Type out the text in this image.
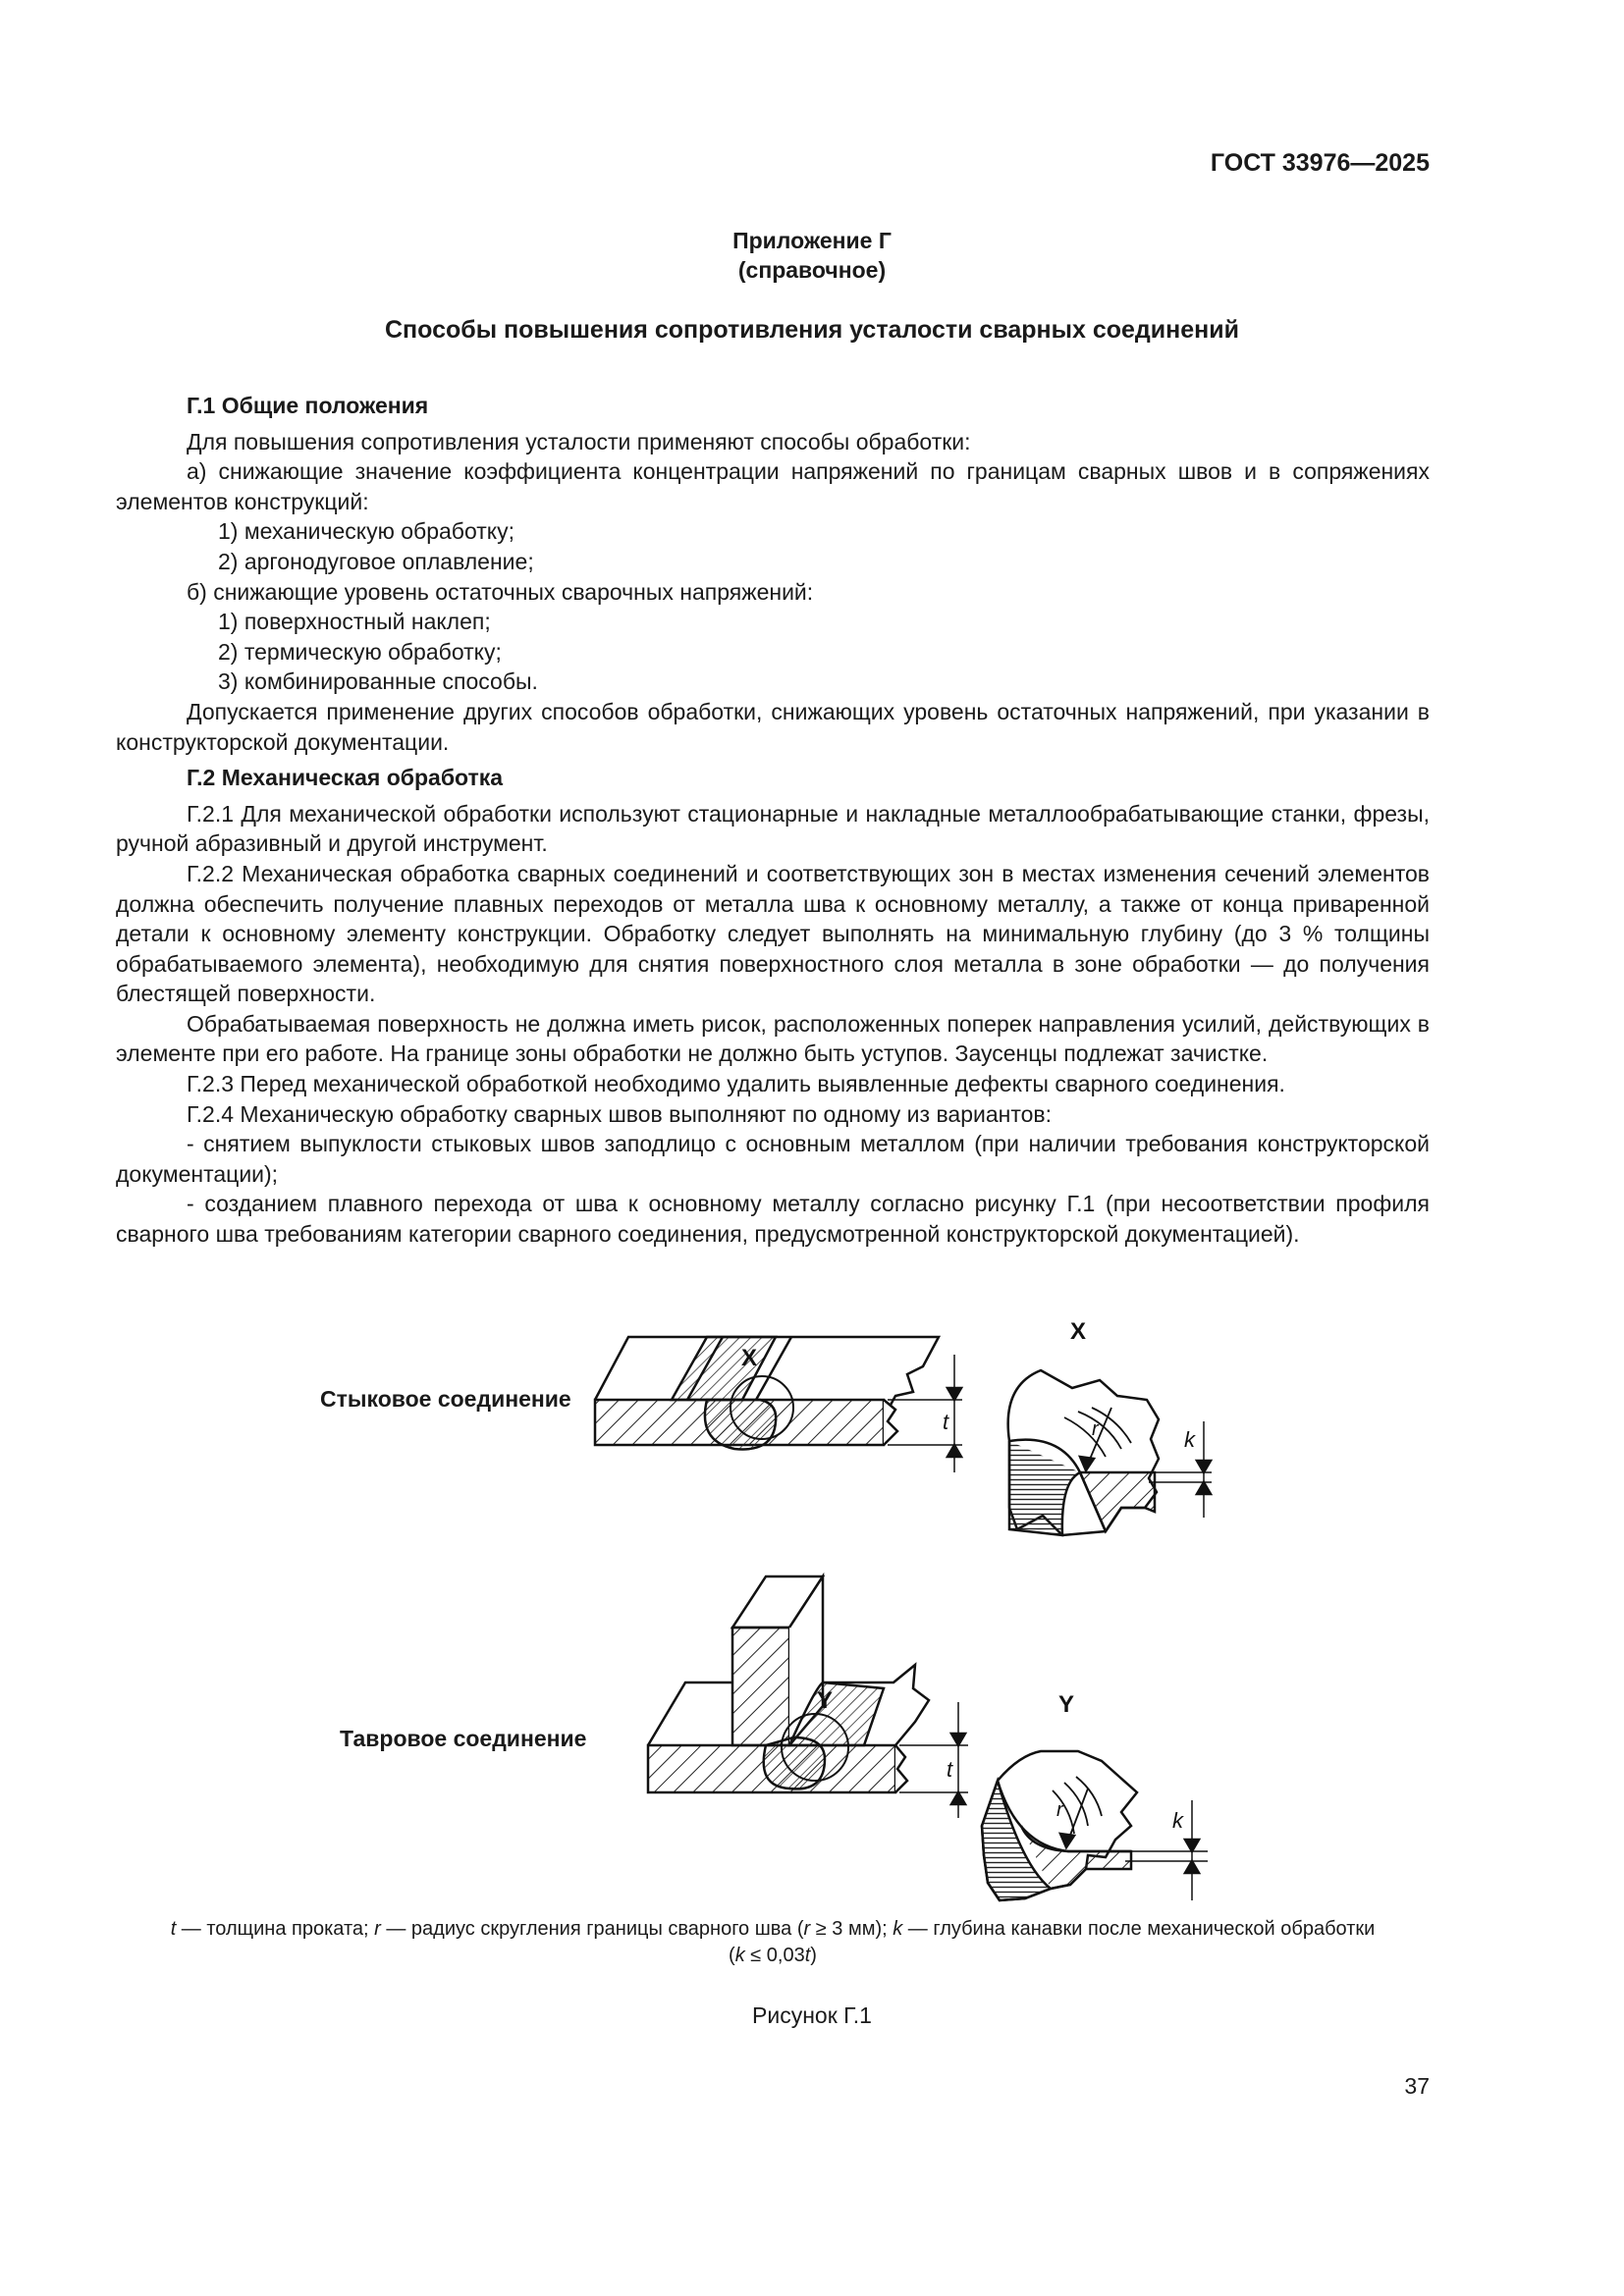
ГОСТ 33976—2025

Приложение Г
(справочное)

Способы повышения сопротивления усталости сварных соединений

Г.1 Общие положения

Для повышения сопротивления усталости применяют способы обработки:

а) снижающие значение коэффициента концентрации напряжений по границам сварных швов и в сопряжениях элементов конструкций:

1) механическую обработку;

2) аргонодуговое оплавление;

б) снижающие уровень остаточных сварочных напряжений:

1) поверхностный наклеп;

2) термическую обработку;

3) комбинированные способы.

Допускается применение других способов обработки, снижающих уровень остаточных напряжений, при указании в конструкторской документации.

Г.2 Механическая обработка

Г.2.1 Для механической обработки используют стационарные и накладные металлообрабатывающие станки, фрезы, ручной абразивный и другой инструмент.

Г.2.2 Механическая обработка сварных соединений и соответствующих зон в местах изменения сечений элементов должна обеспечить получение плавных переходов от металла шва к основному металлу, а также от конца приваренной детали к основному элементу конструкции. Обработку следует выполнять на минимальную глубину (до 3 % толщины обрабатываемого элемента), необходимую для снятия поверхностного слоя металла в зоне обработки — до получения блестящей поверхности.

Обрабатываемая поверхность не должна иметь рисок, расположенных поперек направления усилий, действующих в элементе при его работе. На границе зоны обработки не должно быть уступов. Заусенцы подлежат зачистке.

Г.2.3 Перед механической обработкой необходимо удалить выявленные дефекты сварного соединения.

Г.2.4 Механическую обработку сварных швов выполняют по одному из вариантов:

- снятием выпуклости стыковых швов заподлицо с основным металлом (при наличии требования конструкторской документации);

- созданием плавного перехода от шва к основному металлу согласно рисунку Г.1 (при несоответствии профиля сварного шва требованиям категории сварного соединения, предусмотренной конструкторской документацией).

Стыковое соединение
Тавровое соединение
X
t
X
r	k
Y
t
Y
r	k

t — толщина проката; r — радиус скругления границы сварного шва (r ≥ 3 мм); k — глубина канавки после механической обработки

(k ≤ 0,03t)

Рисунок Г.1

37
